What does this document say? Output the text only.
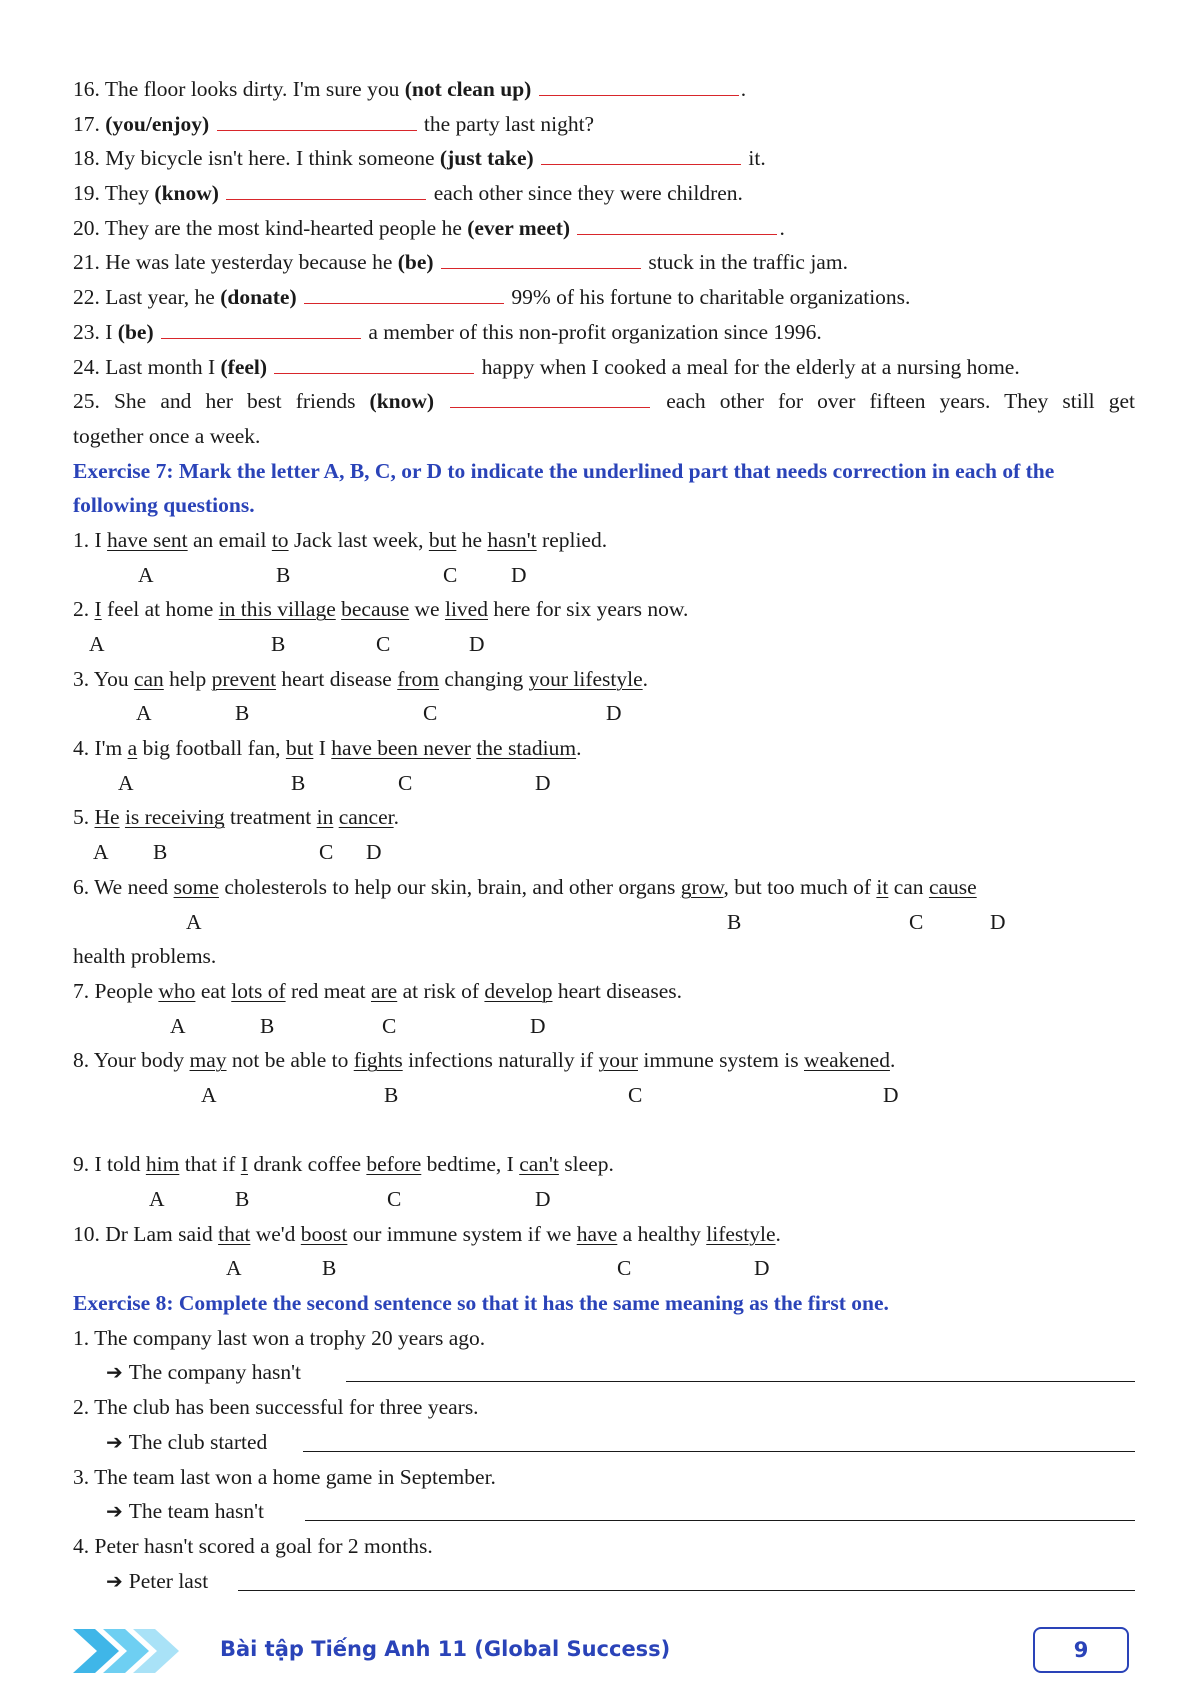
16. The floor looks dirty. I'm sure you (not clean up)	.
17. (you/enjoy)	the party last night?
18. My bicycle isn't here. I think someone (just take)	it.
19. They (know)	each other since they were children.
20. They are the most kind-hearted people he (ever meet)	.
21. He was late yesterday because he (be)	stuck in the traffic jam.
22. Last year, he (donate)	99% of his fortune to charitable organizations.
23. I (be)	a member of this non-profit organization since 1996.
24. Last month I (feel)	happy when I cooked a meal for the elderly at a nursing home.
25. She and her best friends (know)	each other for over fifteen years. They still get
together once a week.
Exercise 7: Mark the letter A, B, C, or D to indicate the underlined part that needs correction in each of the
following questions.
1. I have sent an email to Jack last week, but he hasn't replied.
A	B	C D
2. I feel at home in this village because we lived here for six years now.
A	B	C	D
3. You can help prevent heart disease from changing your lifestyle.
A	B	C	D
4. I'm a big football fan, but I have been never the stadium.
A	B	C	D
5. He is receiving treatment in cancer.
A B	C D
6. We need some cholesterols to help our skin, brain, and other organs grow, but too much of it can cause
A	B	C	D
health problems.
7. People who eat lots of red meat are at risk of develop heart diseases.
A	B	C	D
8. Your body may not be able to fights infections naturally if your immune system is weakened.
A	B	C	D
9. I told him that if I drank coffee before bedtime, I can't sleep.
A	B	C	D
10. Dr Lam said that we'd boost our immune system if we have a healthy lifestyle.
A	B	C	D
Exercise 8: Complete the second sentence so that it has the same meaning as the first one.
1. The company last won a trophy 20 years ago.
➔ The company hasn't
2. The club has been successful for three years.
➔ The club started
3. The team last won a home game in September.
➔ The team hasn't
4. Peter hasn't scored a goal for 2 months.
➔ Peter last
Bài tập Tiếng Anh 11 (Global Success)	9
